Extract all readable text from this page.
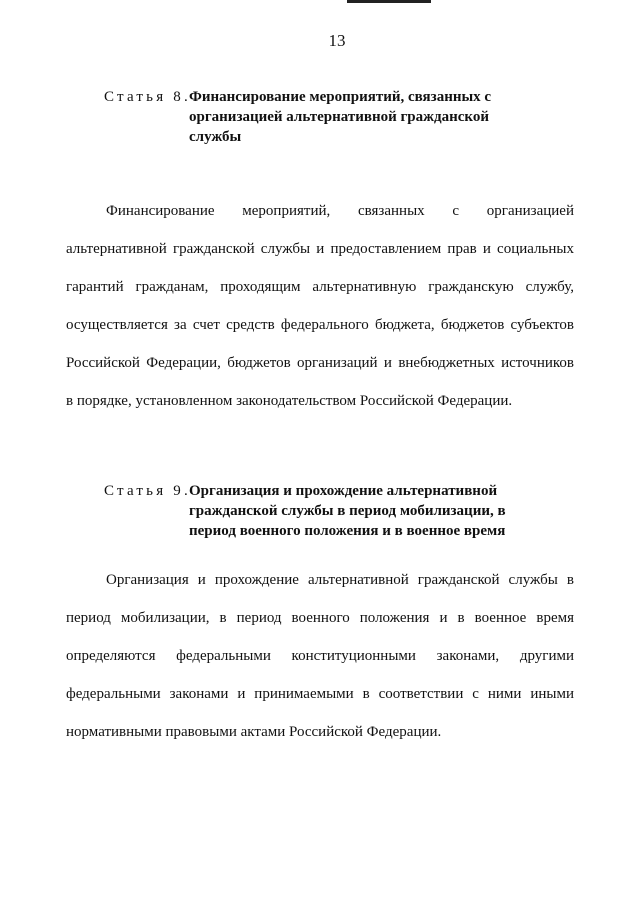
13
Статья 8.
Финансирование мероприятий, связанных с
организацией альтернативной гражданской
службы
Финансирование мероприятий, связанных с организацией
альтернативной гражданской службы и предоставлением прав и социальных
гарантий гражданам, проходящим альтернативную гражданскую службу,
осуществляется за счет средств федерального бюджета, бюджетов субъектов
Российской Федерации, бюджетов организаций и внебюджетных источников
в порядке, установленном законодательством Российской Федерации.
Статья 9.
Организация и прохождение альтернативной
гражданской службы в период мобилизации, в
период военного положения и в военное время
Организация и прохождение альтернативной гражданской службы в
период мобилизации, в период военного положения и в военное время
определяются федеральными конституционными законами, другими
федеральными законами и принимаемыми в соответствии с ними иными
нормативными правовыми актами Российской Федерации.
